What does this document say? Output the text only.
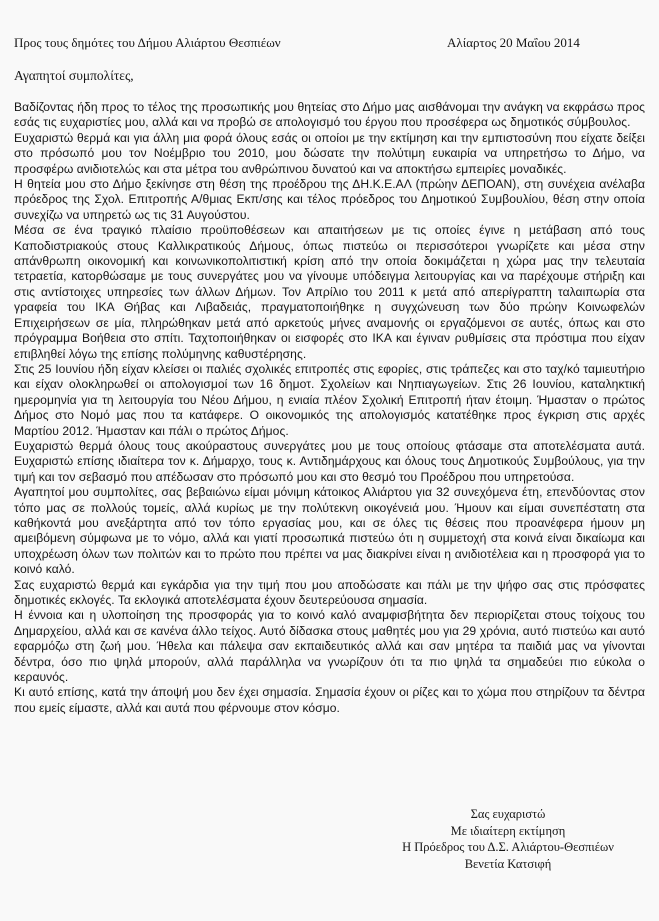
Προς τους δημότες του Δήμου Αλιάρτου Θεσπιέων	Αλίαρτος 20 Μαΐου 2014
Αγαπητοί συμπολίτες,

Βαδίζοντας ήδη προς το τέλος της προσωπικής μου θητείας στο Δήμο μας αισθάνομαι την ανάγκη να εκφράσω προς εσάς τις ευχαριστίες μου, αλλά και να προβώ σε απολογισμό του έργου που προσέφερα ως δημοτικός σύμβουλος.

Ευχαριστώ θερμά και για άλλη μια φορά όλους εσάς οι οποίοι με την εκτίμηση και την εμπιστοσύνη που είχατε δείξει στο πρόσωπό μου τον Νοέμβριο του 2010, μου δώσατε την πολύτιμη ευκαιρία να υπηρετήσω το Δήμο, να προσφέρω ανιδιοτελώς και στα μέτρα του ανθρώπινου δυνατού και να αποκτήσω εμπειρίες μοναδικές.

Η θητεία μου στο Δήμο ξεκίνησε στη θέση της προέδρου της ΔΗ.Κ.Ε.ΑΛ (πρώην ΔΕΠΟΑΝ), στη συνέχεια ανέλαβα πρόεδρος της Σχολ. Επιτροπής Α/θμιας Εκπ/σης και τέλος πρόεδρος του Δημοτικού Συμβουλίου, θέση στην οποία συνεχίζω να υπηρετώ ως τις 31 Αυγούστου.

Μέσα σε ένα τραγικό πλαίσιο προϋποθέσεων και απαιτήσεων με τις οποίες έγινε η μετάβαση από τους Καποδιστριακούς στους Καλλικρατικούς Δήμους, όπως πιστεύω οι περισσότεροι γνωρίζετε και μέσα στην απάνθρωπη οικονομική και κοινωνικοπολιτιστική κρίση από την οποία δοκιμάζεται η χώρα μας την τελευταία τετραετία, κατορθώσαμε με τους συνεργάτες μου να γίνουμε υπόδειγμα λειτουργίας και να παρέχουμε στήριξη και στις αντίστοιχες υπηρεσίες των άλλων Δήμων. Τον Απρίλιο του 2011 κ μετά από απερίγραπτη ταλαιπωρία στα γραφεία του ΙΚΑ Θήβας και Λιβαδειάς, πραγματοποιήθηκε η συγχώνευση των δύο πρώην Κοινωφελών Επιχειρήσεων σε μία, πληρώθηκαν μετά από αρκετούς μήνες αναμονής οι εργαζόμενοι σε αυτές, όπως και στο πρόγραμμα Βοήθεια στο σπίτι. Ταχτοποιήθηκαν οι εισφορές στο ΙΚΑ και έγιναν ρυθμίσεις στα πρόστιμα που είχαν επιβληθεί λόγω της επίσης πολύμηνης καθυστέρησης.

Στις 25 Ιουνίου ήδη είχαν κλείσει οι παλιές σχολικές επιτροπές στις εφορίες, στις τράπεζες και στο ταχ/κό ταμιευτήριο και είχαν ολοκληρωθεί οι απολογισμοί των 16 δημοτ. Σχολείων και Νηπιαγωγείων. Στις 26 Ιουνίου, καταληκτική ημερομηνία για τη λειτουργία του Νέου Δήμου, η ενιαία πλέον Σχολική Επιτροπή ήταν έτοιμη. Ήμασταν ο πρώτος Δήμος στο Νομό μας που τα κατάφερε. Ο οικονομικός της απολογισμός κατατέθηκε προς έγκριση στις αρχές Μαρτίου 2012. Ήμασταν και πάλι ο πρώτος Δήμος.

Ευχαριστώ θερμά όλους τους ακούραστους συνεργάτες μου με τους οποίους φτάσαμε στα αποτελέσματα αυτά. Ευχαριστώ επίσης ιδιαίτερα τον κ. Δήμαρχο, τους κ. Αντιδημάρχους και όλους τους Δημοτικούς Συμβούλους, για την τιμή και τον σεβασμό που απέδωσαν στο πρόσωπό μου και στο θεσμό του Προέδρου που υπηρετούσα.

Αγαπητοί μου συμπολίτες, σας βεβαιώνω είμαι μόνιμη κάτοικος Αλιάρτου για 32 συνεχόμενα έτη, επενδύοντας στον τόπο μας σε πολλούς τομείς, αλλά κυρίως με την πολύτεκνη οικογένειά μου. Ήμουν και είμαι συνεπέστατη στα καθήκοντά μου ανεξάρτητα από τον τόπο εργασίας μου, και σε όλες τις θέσεις που προανέφερα ήμουν μη αμειβόμενη σύμφωνα με το νόμο, αλλά και γιατί προσωπικά πιστεύω ότι η συμμετοχή στα κοινά είναι δικαίωμα και υποχρέωση όλων των πολιτών και το πρώτο που πρέπει να μας διακρίνει είναι η ανιδιοτέλεια και η προσφορά για το κοινό καλό.

Σας ευχαριστώ θερμά και εγκάρδια για την τιμή που μου αποδώσατε και πάλι με την ψήφο σας στις πρόσφατες δημοτικές εκλογές. Τα εκλογικά αποτελέσματα έχουν δευτερεύουσα σημασία.

Η έννοια και η υλοποίηση της προσφοράς για το κοινό καλό αναμφισβήτητα δεν περιορίζεται στους τοίχους του Δημαρχείου, αλλά και σε κανένα άλλο τείχος. Αυτό δίδασκα στους μαθητές μου για 29 χρόνια, αυτό πιστεύω και αυτό εφαρμόζω στη ζωή μου. Ήθελα και πάλεψα σαν εκπαιδευτικός αλλά και σαν μητέρα τα παιδιά μας να γίνονται δέντρα, όσο πιο ψηλά μπορούν, αλλά παράλληλα να γνωρίζουν ότι τα πιο ψηλά τα σημαδεύει πιο εύκολα ο κεραυνός.

Κι αυτό επίσης, κατά την άποψή μου δεν έχει σημασία. Σημασία έχουν οι ρίζες και το χώμα που στηρίζουν τα δέντρα που εμείς είμαστε, αλλά και αυτά που φέρνουμε στον κόσμο.

Σας ευχαριστώ
Με ιδιαίτερη εκτίμηση
Η Πρόεδρος του Δ.Σ. Αλιάρτου-Θεσπιέων
Βενετία Κατσιφή
